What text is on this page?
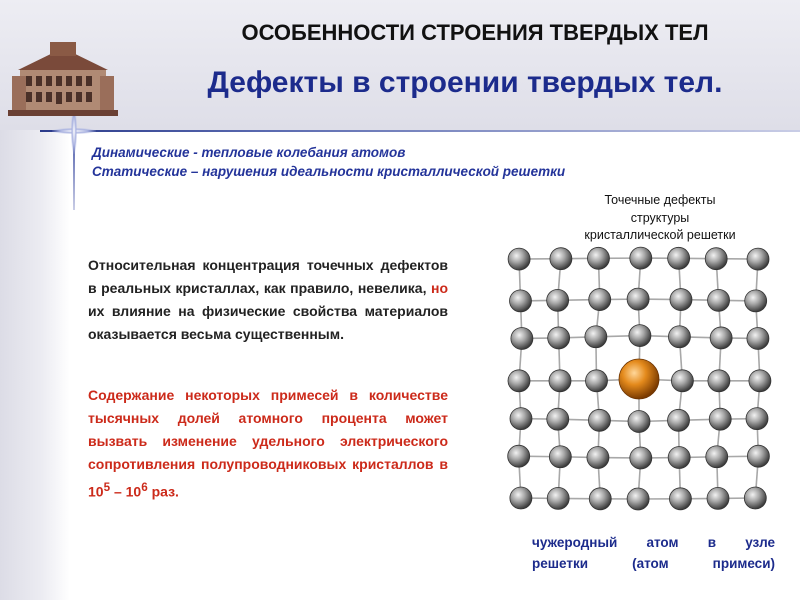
ОСОБЕННОСТИ СТРОЕНИЯ ТВЕРДЫХ ТЕЛ
Дефекты в строении твердых тел.
Динамические - тепловые колебания атомов
Статические – нарушения идеальности кристаллической решетки
Относительная концентрация точечных дефектов в реальных кристаллах, как правило, невелика, но их влияние на физические свойства материалов оказывается весьма существенным.
Содержание некоторых примесей в количестве тысячных долей атомного процента может вызвать изменение удельного электрического сопротивления полупроводниковых кристаллов в $10^5 - 10^6$ раз.
Точечные дефекты
структуры
кристаллической решетки
чужеродный атом в узле
решетки (атом примеси)
